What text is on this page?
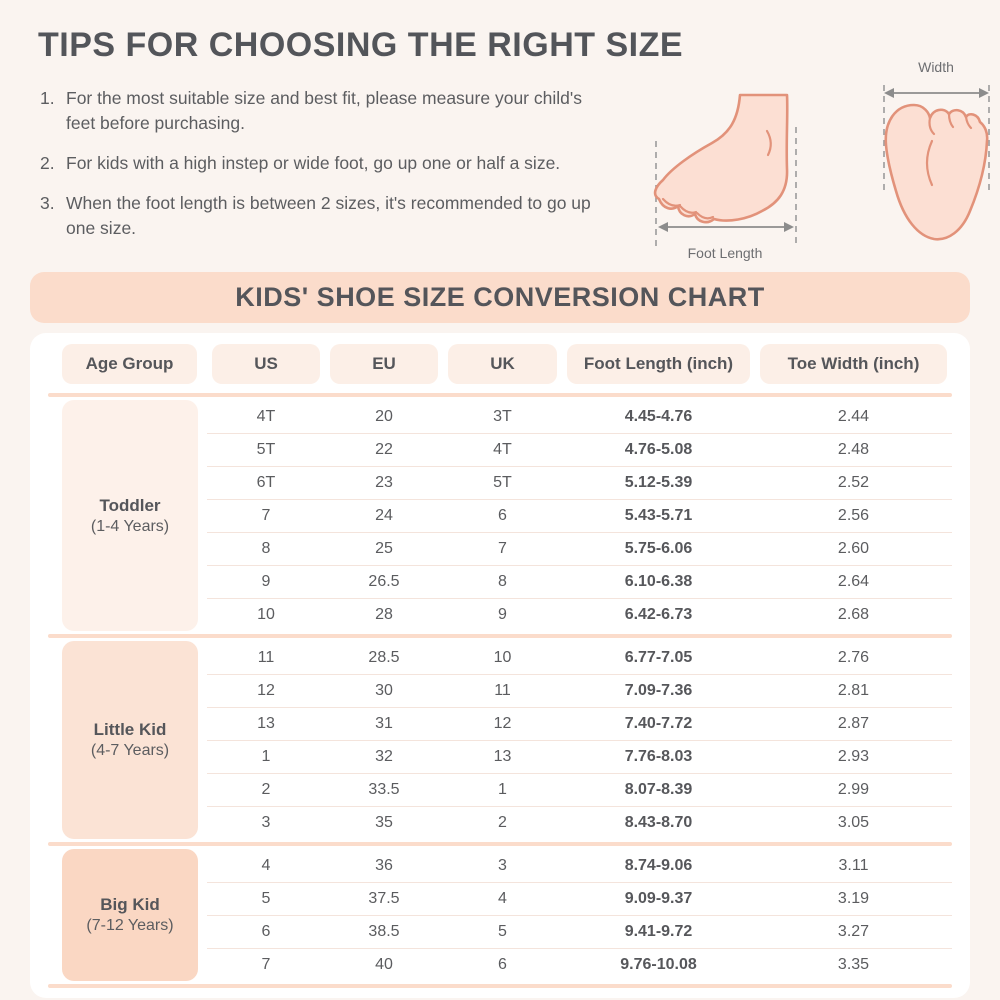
TIPS FOR CHOOSING THE RIGHT SIZE
1. For the most suitable size and best fit, please measure your child's feet before purchasing.
2. For kids with a high instep or wide foot, go up one or half a size.
3. When the foot length is between 2 sizes, it's recommended to go up one size.
Foot Length
Width
KIDS' SHOE SIZE CONVERSION CHART
Age Group	US	EU	UK	Foot Length (inch)	Toe Width (inch)
Toddler
(1-4 Years)
4T	20	3T	4.45-4.76	2.44
5T	22	4T	4.76-5.08	2.48
6T	23	5T	5.12-5.39	2.52
7	24	6	5.43-5.71	2.56
8	25	7	5.75-6.06	2.60
9	26.5	8	6.10-6.38	2.64
10	28	9	6.42-6.73	2.68
Little Kid
(4-7 Years)
11	28.5	10	6.77-7.05	2.76
12	30	11	7.09-7.36	2.81
13	31	12	7.40-7.72	2.87
1	32	13	7.76-8.03	2.93
2	33.5	1	8.07-8.39	2.99
3	35	2	8.43-8.70	3.05
Big Kid
(7-12 Years)
4	36	3	8.74-9.06	3.11
5	37.5	4	9.09-9.37	3.19
6	38.5	5	9.41-9.72	3.27
7	40	6	9.76-10.08	3.35
